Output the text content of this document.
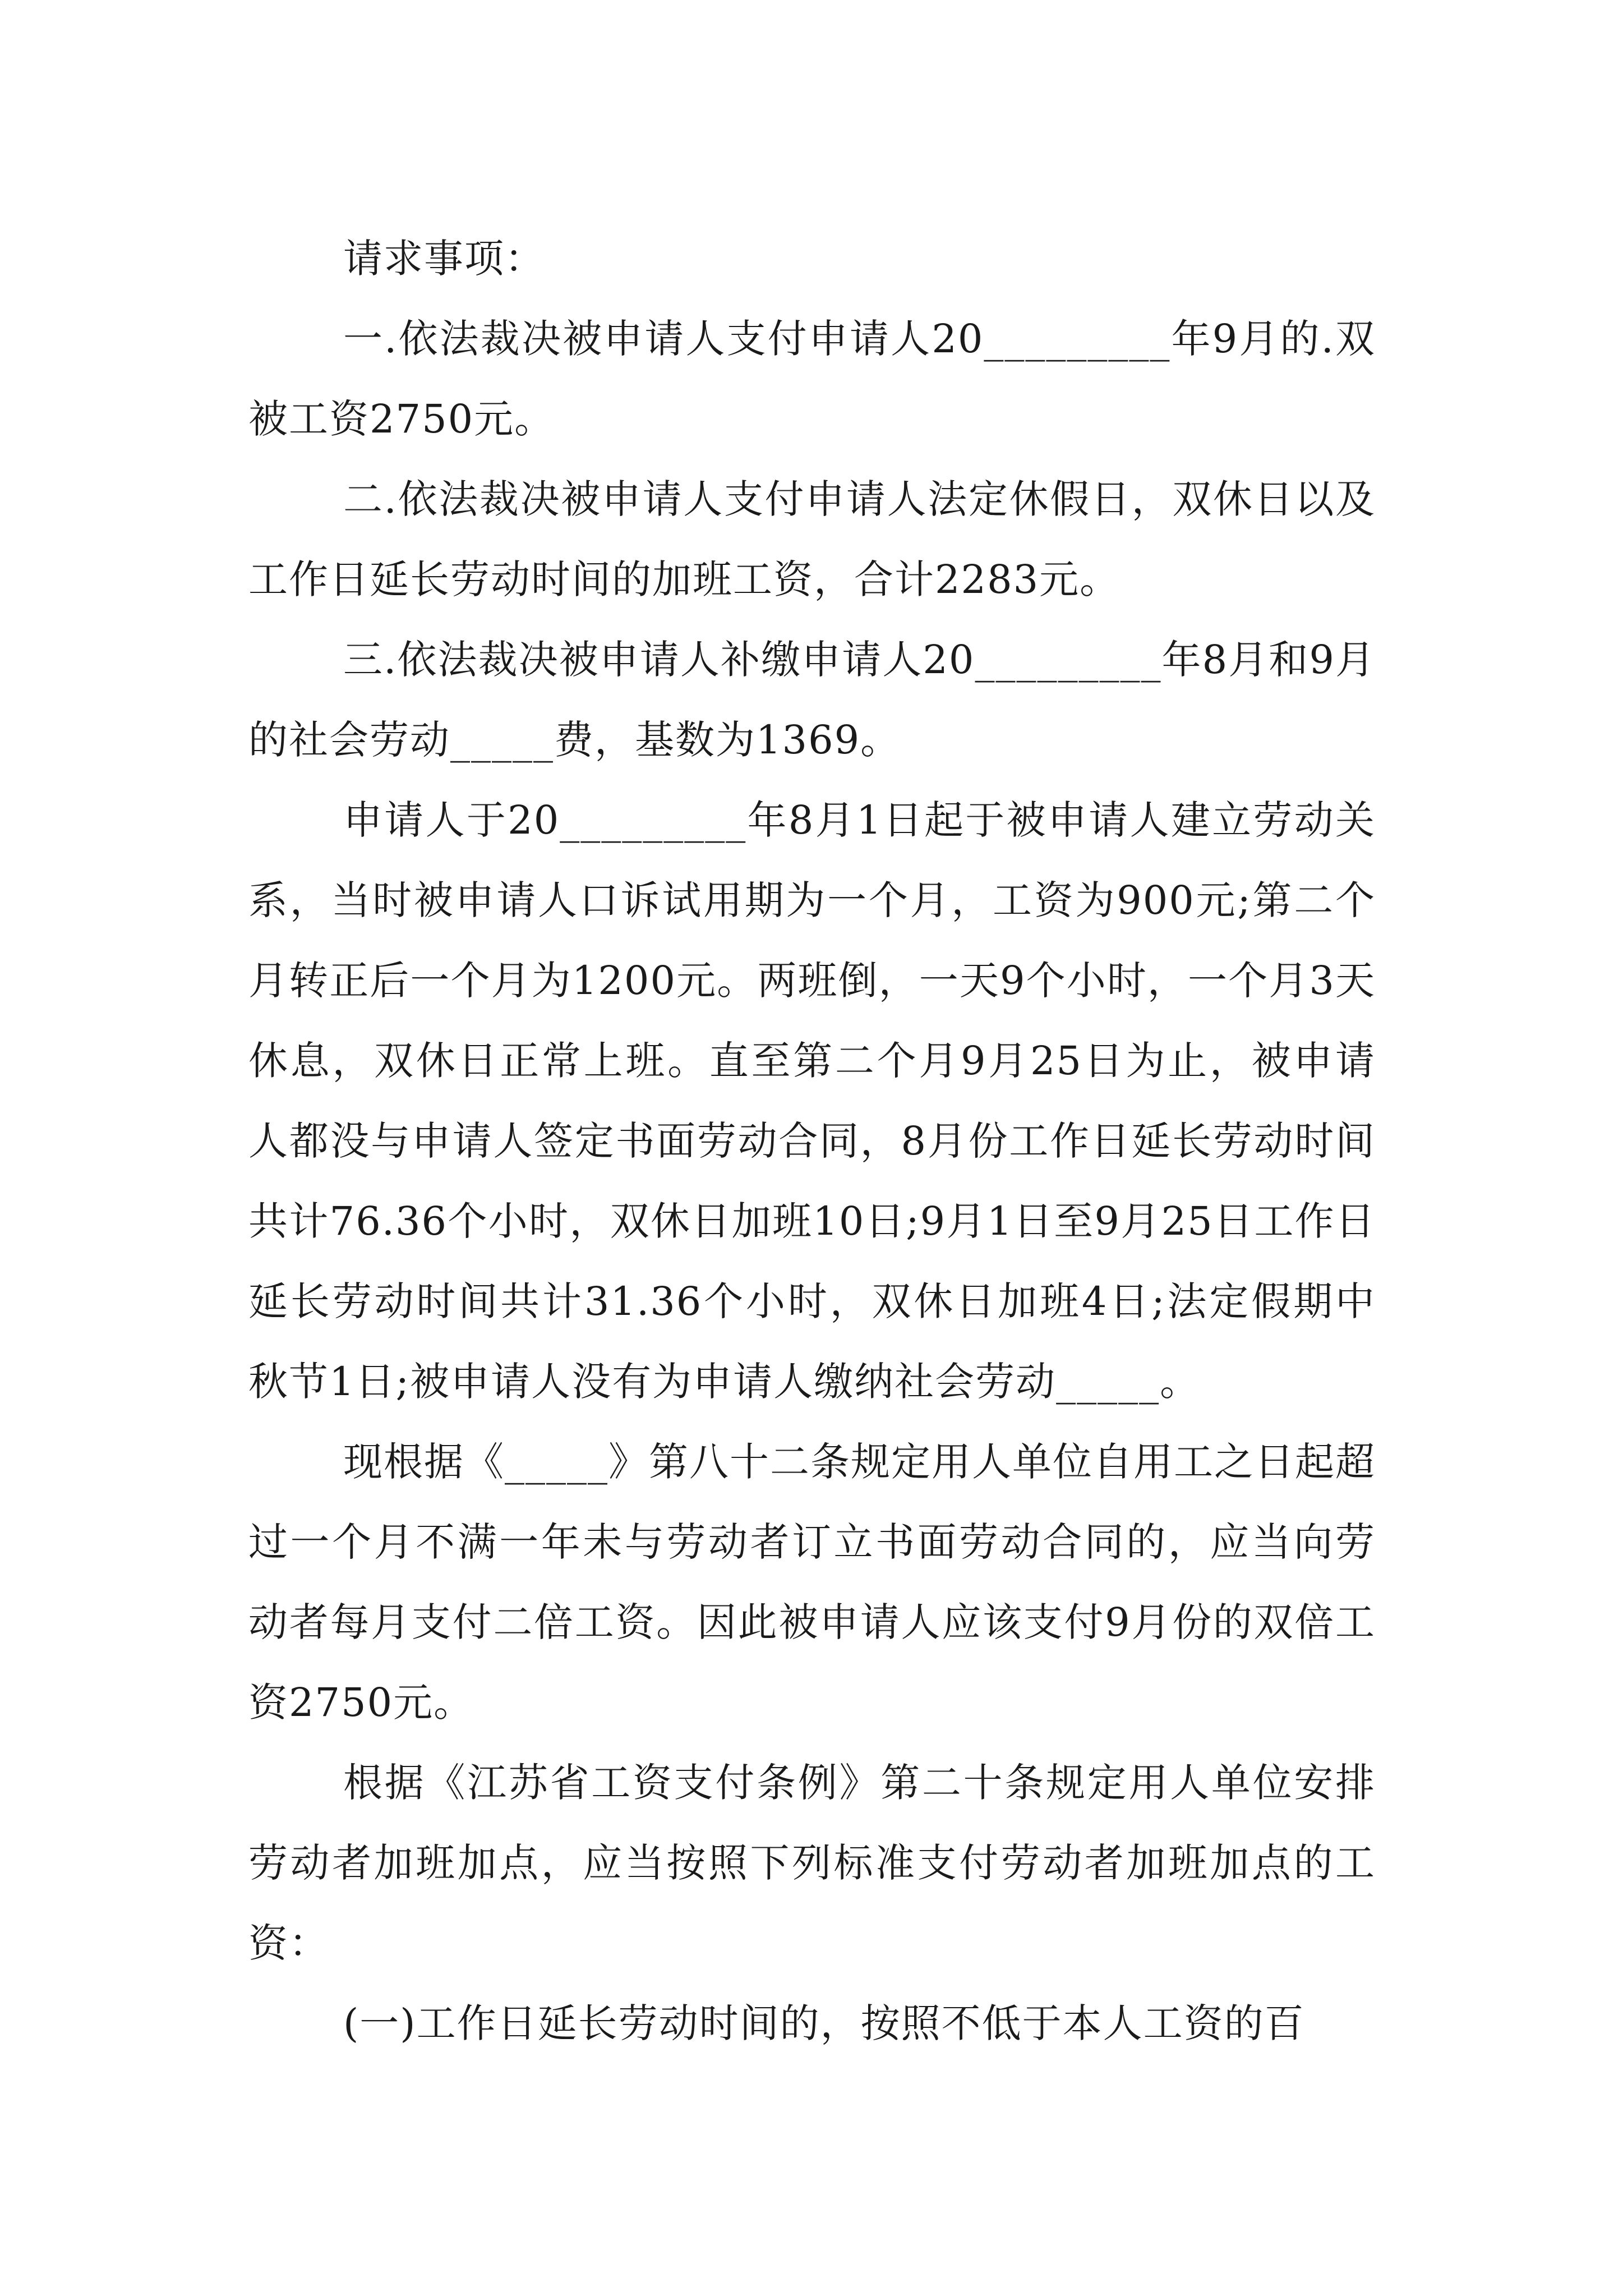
请求事项：

一.依法裁决被申请人支付申请人20_________年9月的.双被工资2750元。

二.依法裁决被申请人支付申请人法定休假日，双休日以及工作日延长劳动时间的加班工资，合计2283元。

三.依法裁决被申请人补缴申请人20_________年8月和9月的社会劳动_____费，基数为1369。

申请人于20_________年8月1日起于被申请人建立劳动关系，当时被申请人口诉试用期为一个月，工资为900元;第二个月转正后一个月为1200元。两班倒，一天9个小时，一个月3天休息，双休日正常上班。直至第二个月9月25日为止，被申请人都没与申请人签定书面劳动合同，8月份工作日延长劳动时间共计76.36个小时，双休日加班10日;9月1日至9月25日工作日延长劳动时间共计31.36个小时，双休日加班4日;法定假期中秋节1日;被申请人没有为申请人缴纳社会劳动_____。

现根据《_____》第八十二条规定用人单位自用工之日起超过一个月不满一年未与劳动者订立书面劳动合同的，应当向劳动者每月支付二倍工资。因此被申请人应该支付9月份的双倍工资2750元。

根据《江苏省工资支付条例》第二十条规定用人单位安排劳动者加班加点，应当按照下列标准支付劳动者加班加点的工资：

(一)工作日延长劳动时间的，按照不低于本人工资的百
